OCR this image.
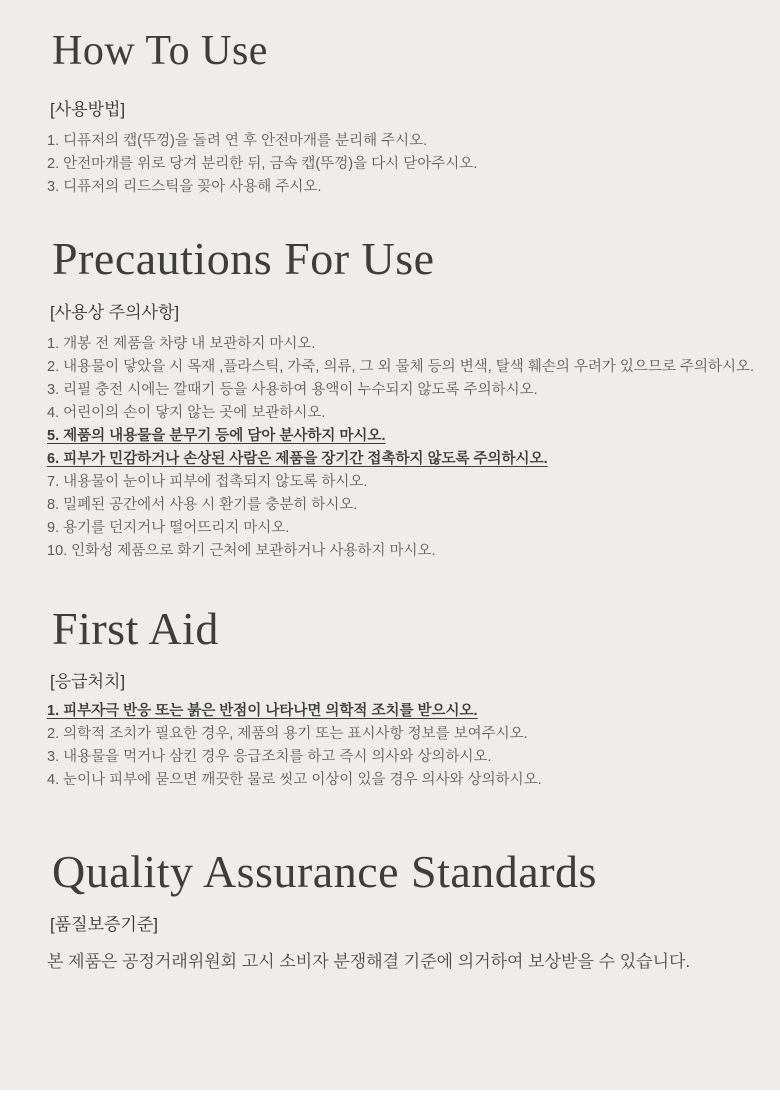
How To Use
[사용방법]
1. 디퓨저의 캡(뚜껑)을 돌려 연 후 안전마개를 분리해 주시오.
2. 안전마개를 위로 당겨 분리한 뒤, 금속 캡(뚜껑)을 다시 닫아주시오.
3. 디퓨저의 리드스틱을 꽂아 사용해 주시오.
Precautions For Use
[사용상 주의사항]
1. 개봉 전 제품을 차량 내 보관하지 마시오.
2. 내용물이 닿았을 시 목재 ,플라스틱, 가죽, 의류, 그 외 물체 등의 변색, 탈색 훼손의 우려가 있으므로 주의하시오.
3. 리필 충전 시에는 깔때기 등을 사용하여 용액이 누수되지 않도록 주의하시오.
4. 어린이의 손이 닿지 않는 곳에 보관하시오.
5. 제품의 내용물을 분무기 등에 담아 분사하지 마시오.
6. 피부가 민감하거나 손상된 사람은 제품을 장기간 접촉하지 않도록 주의하시오.
7. 내용물이 눈이나 피부에 접촉되지 않도록 하시오.
8. 밀폐된 공간에서 사용 시 환기를 충분히 하시오.
9. 용기를 던지거나 떨어뜨리지 마시오.
10. 인화성 제품으로 화기 근처에 보관하거나 사용하지 마시오.
First Aid
[응급처치]
1. 피부자극 반응 또는 붉은 반점이 나타나면 의학적 조치를 받으시오.
2. 의학적 조치가 필요한 경우, 제품의 용기 또는 표시사항 정보를 보여주시오.
3. 내용물을 먹거나 삼킨 경우 응급조치를 하고 즉시 의사와 상의하시오.
4. 눈이나 피부에 묻으면 깨끗한 물로 씻고 이상이 있을 경우 의사와 상의하시오.
Quality Assurance Standards
[품질보증기준]

본 제품은 공정거래위원회 고시 소비자 분쟁해결 기준에 의거하여 보상받을 수 있습니다.
